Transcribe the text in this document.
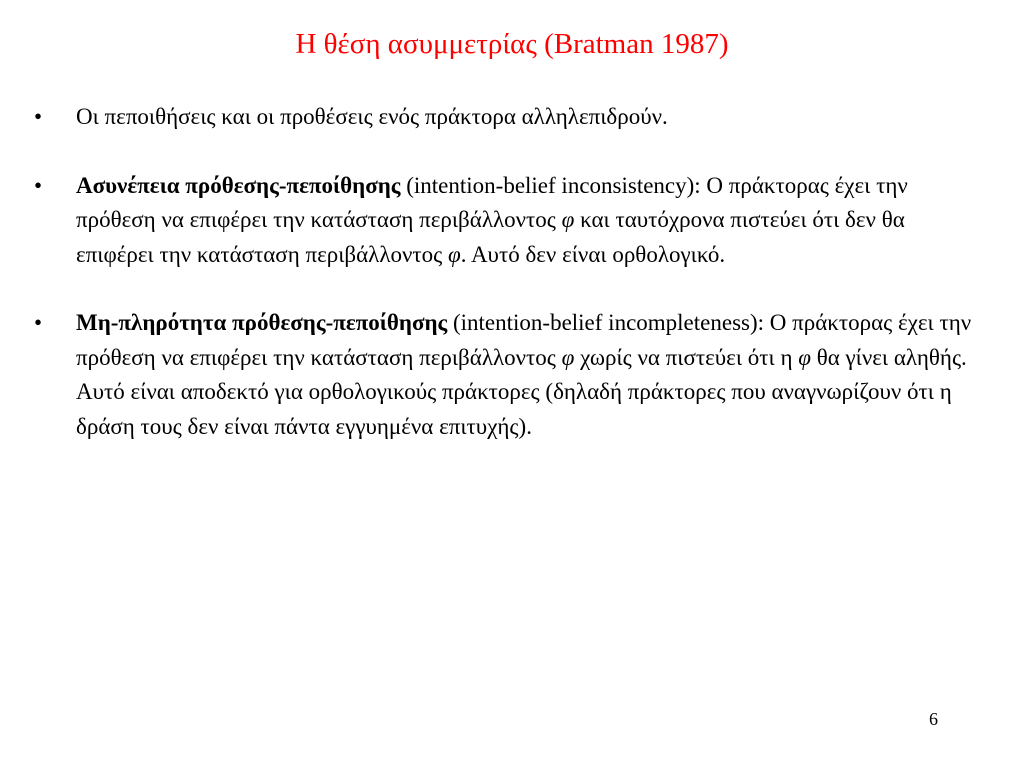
Η θέση ασυμμετρίας (Bratman 1987)
•	Οι πεποιθήσεις και οι προθέσεις ενός πράκτορα αλληλεπιδρούν.
•	Ασυνέπεια πρόθεσης-πεποίθησης (intention-belief inconsistency): O πράκτορας έχει την πρόθεση να επιφέρει την κατάσταση περιβάλλοντος φ και ταυτόχρονα πιστεύει ότι δεν θα επιφέρει την κατάσταση περιβάλλοντος φ. Αυτό δεν είναι ορθολογικό.
•	Μη-πληρότητα πρόθεσης-πεποίθησης (intention-belief incompleteness): O πράκτορας έχει την πρόθεση να επιφέρει την κατάσταση περιβάλλοντος φ χωρίς να πιστεύει ότι η φ θα γίνει αληθής. Αυτό είναι αποδεκτό για ορθολογικούς πράκτορες (δηλαδή πράκτορες που αναγνωρίζουν ότι η δράση τους δεν είναι πάντα εγγυημένα επιτυχής).
6
